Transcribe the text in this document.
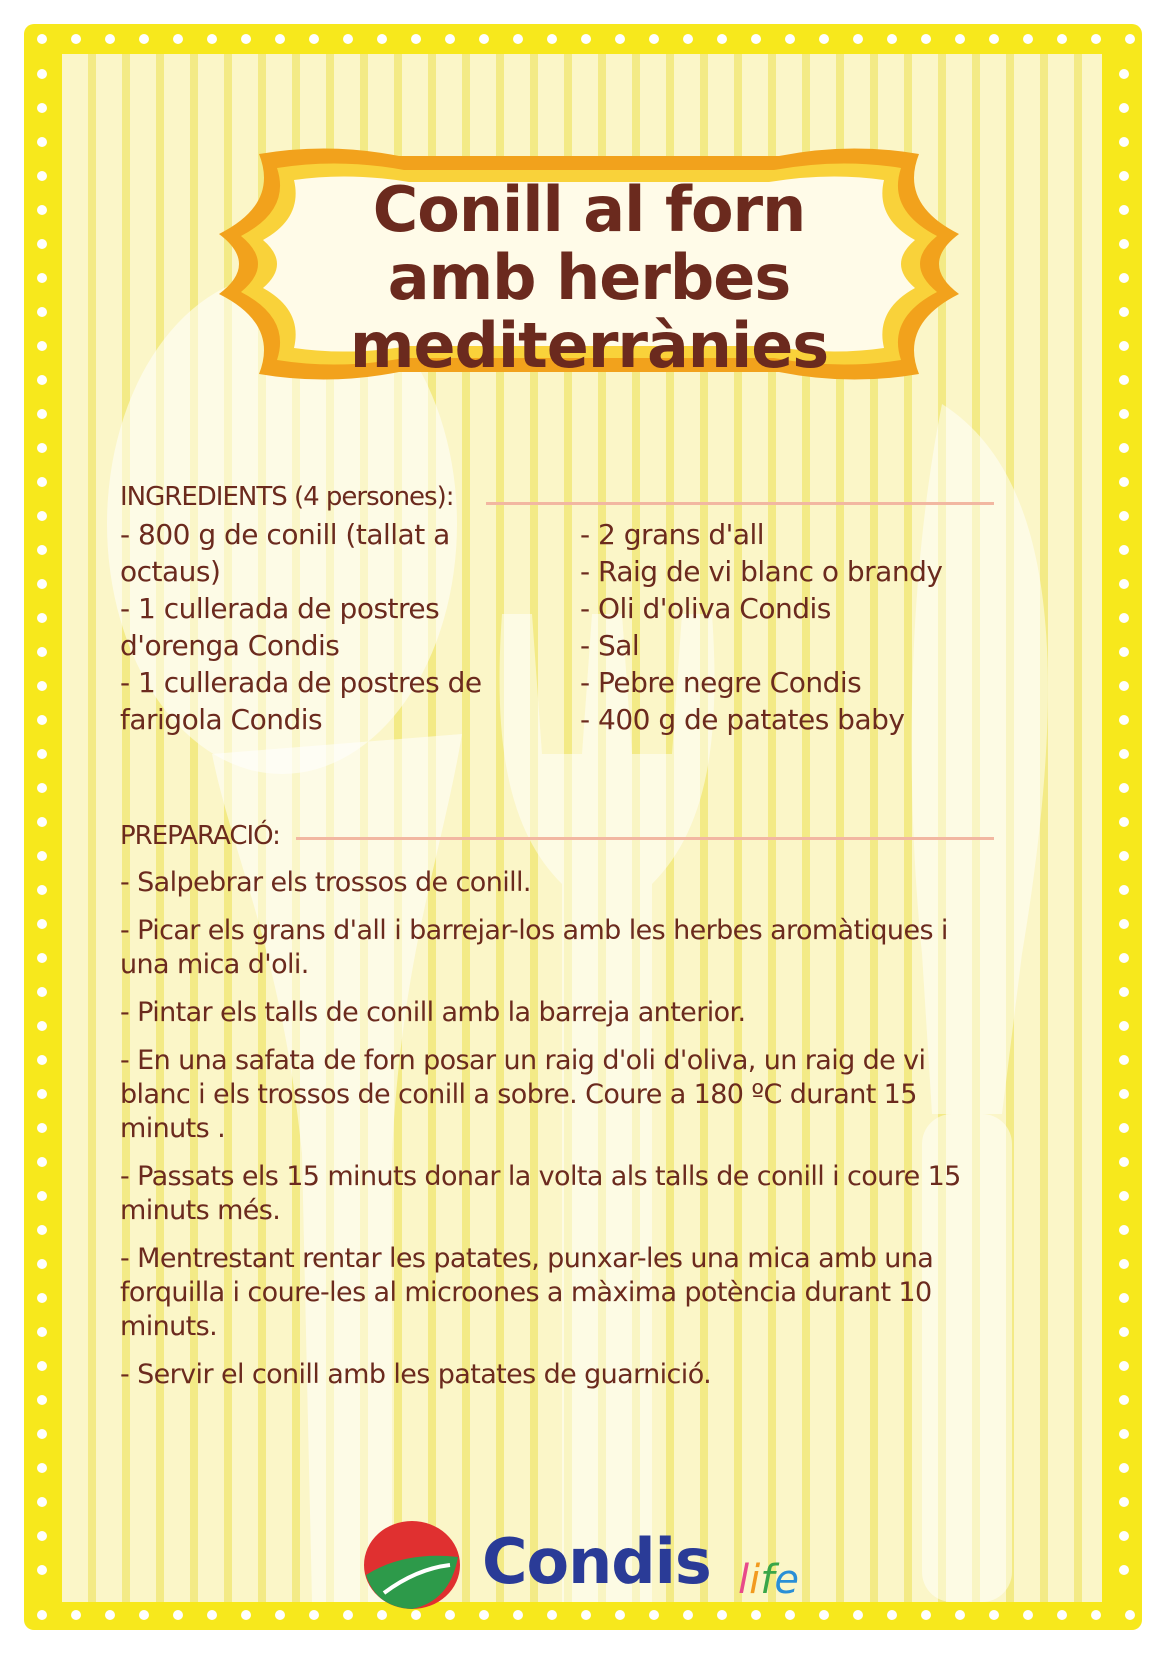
Conill al forn
amb herbes
mediterrànies
INGREDIENTS (4 persones):
- 800 g de conill (tallat a octaus)
- 1 cullerada de postres d'orenga Condis
- 1 cullerada de postres de farigola Condis
- 2 grans d'all
- Raig de vi blanc o brandy
- Oli d'oliva Condis
- Sal
- Pebre negre Condis
- 400 g de patates baby
PREPARACIÓ:
- Salpebrar els trossos de conill.
- Picar els grans d'all i barrejar-los amb les herbes aromàtiques i una mica d'oli.
- Pintar els talls de conill amb la barreja anterior.
- En una safata de forn posar un raig d'oli d'oliva, un raig de vi blanc i els trossos de conill a sobre. Coure a 180 ºC durant 15 minuts .
- Passats els 15 minuts donar la volta als talls de conill i coure 15 minuts més.
- Mentrestant rentar les patates, punxar-les una mica amb una forquilla i coure-les al microones a màxima potència durant 10 minuts.
- Servir el conill amb les patates de guarnició.
Condis life
